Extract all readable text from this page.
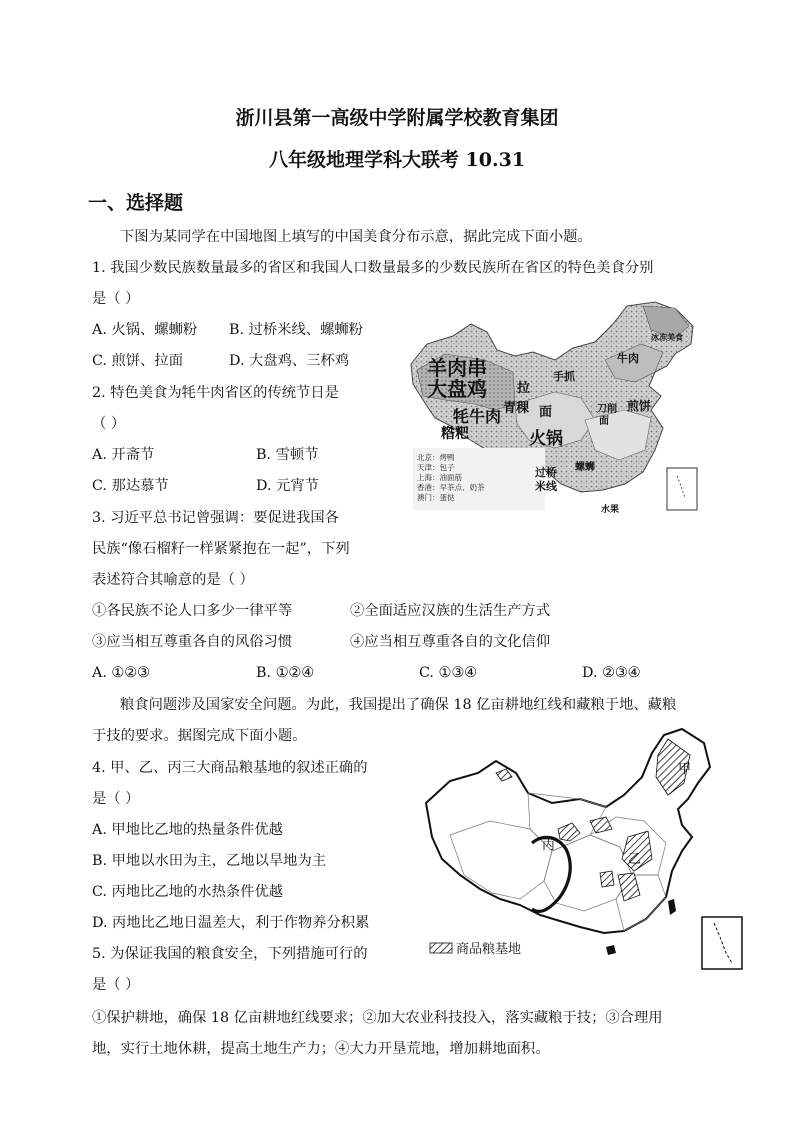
浙川县第一高级中学附属学校教育集团
八年级地理学科大联考 10.31
一、选择题
下图为某同学在中国地图上填写的中国美食分布示意，据此完成下面小题。
1. 我国少数民族数量最多的省区和我国人口数量最多的少数民族所在省区的特色美食分别
是（ ）
A. 火锅、螺蛳粉 B. 过桥米线、螺蛳粉
C. 煎饼、拉面	D. 大盘鸡、三杯鸡
2. 特色美食为牦牛肉省区的传统节日是
（ ）
A. 开斋节	B. 雪顿节
C. 那达慕节	D. 元宵节
3. 习近平总书记曾强调：要促进我国各
民族“像石榴籽一样紧紧抱在一起”，下列
表述符合其喻意的是（ ）
①各民族不论人口多少一律平等	②全面适应汉族的生活生产方式
③应当相互尊重各自的风俗习惯	④应当相互尊重各自的文化信仰
A. ①②③	B. ①②④	C. ①③④	D. ②③④
粮食问题涉及国家安全问题。为此，我国提出了确保 18 亿亩耕地红线和藏粮于地、藏粮
于技的要求。据图完成下面小题。
4. 甲、乙、丙三大商品粮基地的叙述正确的
是（ ）
A. 甲地比乙地的热量条件优越
B. 甲地以水田为主，乙地以旱地为主
C. 丙地比乙地的水热条件优越
D. 丙地比乙地日温差大，利于作物养分积累
5. 为保证我国的粮食安全，下列措施可行的
是（ ）
①保护耕地，确保 18 亿亩耕地红线要求；②加大农业科技投入，落实藏粮于技；③合理用
地，实行土地休耕，提高土地生产力；④大力开垦荒地，增加耕地面积。
羊肉串
大盘鸡 拉
面
青稞
牦牛肉
糌粑	火锅
过桥
米线
煎饼
牛肉
手抓
刀削
面
冰冻美食
螺蛳
水果
北京：烤鸭
天津：包子
上海：油面筋
香港：早茶点、奶茶
澳门：蛋挞
甲
乙
丙
商品粮基地
